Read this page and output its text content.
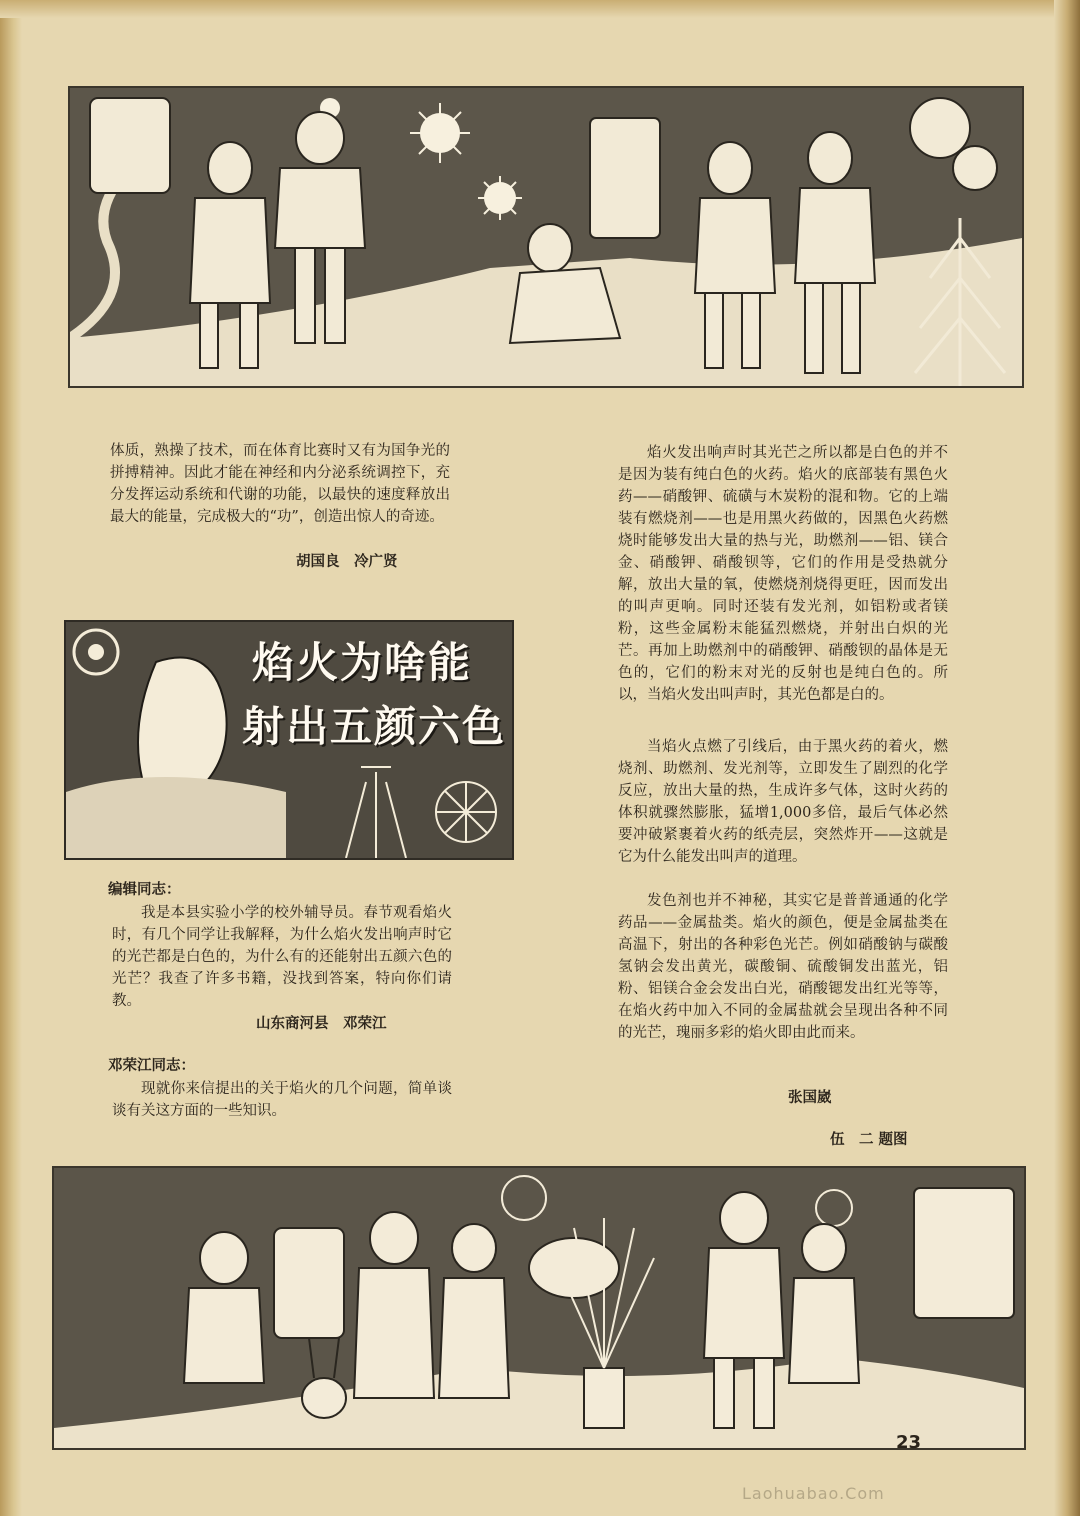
体质，熟操了技术，而在体育比赛时又有为国争光的拼搏精神。因此才能在神经和内分泌系统调控下，充分发挥运动系统和代谢的功能，以最快的速度释放出最大的能量，完成极大的“功”，创造出惊人的奇迹。

胡国良　冷广贤
焰火为啥能
射出五颜六色
编辑同志：

我是本县实验小学的校外辅导员。春节观看焰火时，有几个同学让我解释，为什么焰火发出响声时它的光芒都是白色的，为什么有的还能射出五颜六色的光芒？我查了许多书籍，没找到答案，特向你们请教。

山东商河县　邓荣江
邓荣江同志：

现就你来信提出的关于焰火的几个问题，简单谈谈有关这方面的一些知识。

焰火发出响声时其光芒之所以都是白色的并不是因为装有纯白色的火药。焰火的底部装有黑色火药——硝酸钾、硫磺与木炭粉的混和物。它的上端装有燃烧剂——也是用黑火药做的，因黑色火药燃烧时能够发出大量的热与光，助燃剂——铝、镁合金、硝酸钾、硝酸钡等，它们的作用是受热就分解，放出大量的氧，使燃烧剂烧得更旺，因而发出的叫声更响。同时还装有发光剂，如铝粉或者镁粉，这些金属粉末能猛烈燃烧，并射出白炽的光芒。再加上助燃剂中的硝酸钾、硝酸钡的晶体是无色的，它们的粉末对光的反射也是纯白色的。所以，当焰火发出叫声时，其光色都是白的。

当焰火点燃了引线后，由于黑火药的着火，燃烧剂、助燃剂、发光剂等，立即发生了剧烈的化学反应，放出大量的热，生成许多气体，这时火药的体积就骤然膨胀，猛增1,000多倍，最后气体必然要冲破紧裹着火药的纸壳层，突然炸开——这就是它为什么能发出叫声的道理。

发色剂也并不神秘，其实它是普普通通的化学药品——金属盐类。焰火的颜色，便是金属盐类在高温下，射出的各种彩色光芒。例如硝酸钠与碳酸氢钠会发出黄光，碳酸铜、硫酸铜发出蓝光，铝粉、铝镁合金会发出白光，硝酸锶发出红光等等，在焰火药中加入不同的金属盐就会呈现出各种不同的光芒，瑰丽多彩的焰火即由此而来。

张国崴
伍　二 题图
23
Laohuabao.Com
